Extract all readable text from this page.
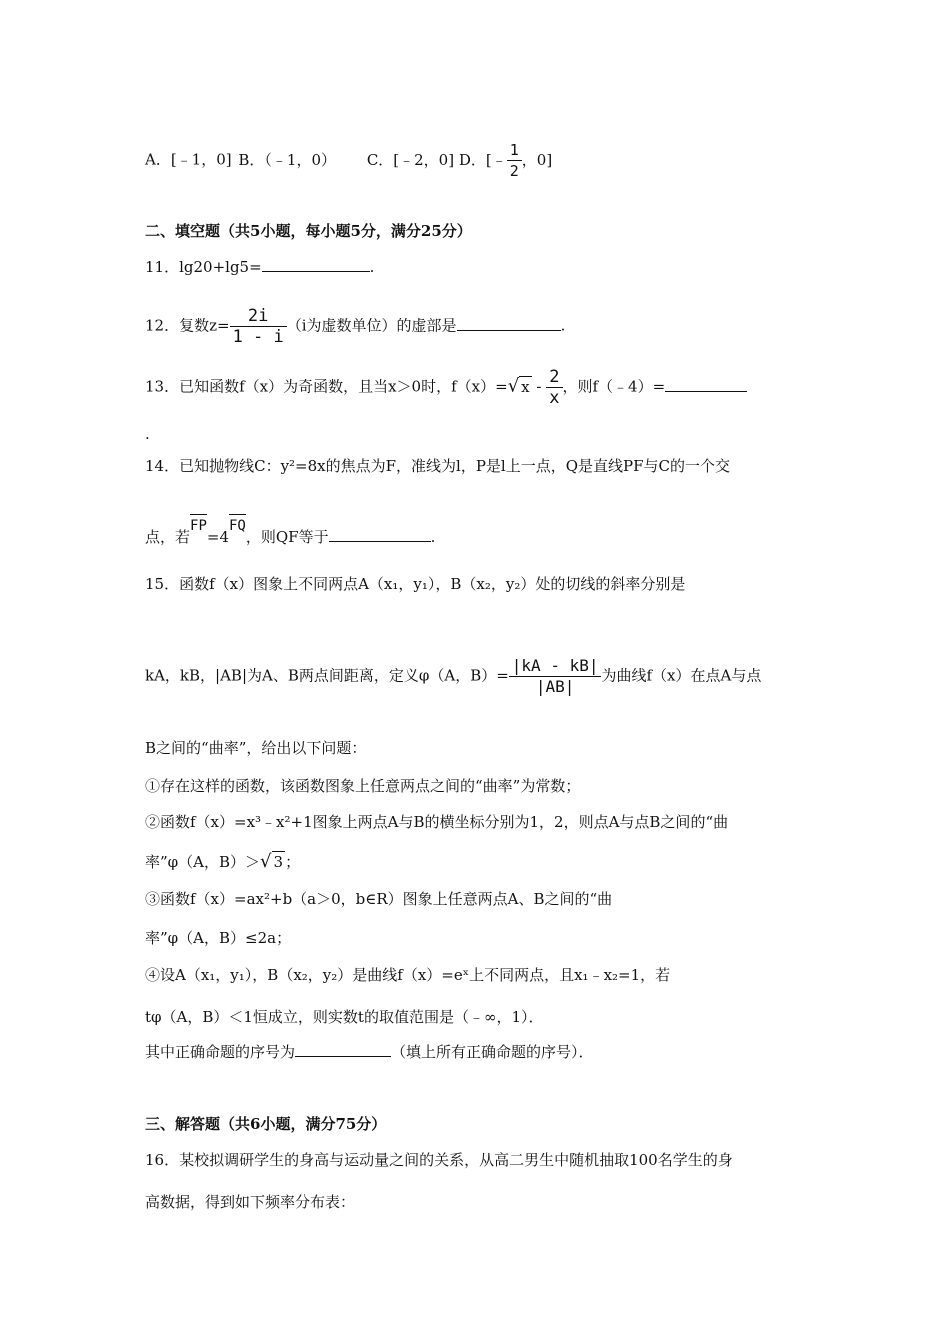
A．[﹣1，0] B．（﹣1，0） C．[﹣2，0] D．[﹣ $\frac{1}{2}$ ，0]
二、填空题（共5小题，每小题5分，满分25分）
11．lg20+lg5=	.
12．复数$z= \frac{2i}{1 - i} (i$为虚数单位）的虚部是	.
13．已知函数f（x）为奇函数，且当x＞0时，f（x）=√ x - $\frac{2}{x}$ ，则f（﹣4）=
.
14．已知抛物线C：y²=8x的焦点为F，准线为l，P是l上一点，Q是直线PF与C的一个交
点，若FP=4FQ，则QF等于	.
15．函数f（x）图象上不同两点A（x₁，y₁），B（x₂，y₂）处的切线的斜率分别是
kA，kB，|AB|为A、B两点间距离，定义φ（A，$B)= \frac{|kA - kB|}{|AB|}$ 为曲线f（x）在点A与点
B之间的“曲率”，给出以下问题：
①存在这样的函数，该函数图象上任意两点之间的“曲率”为常数；
②函数f（x）=x³﹣x²+1图象上两点A与B的横坐标分别为1，2，则点A与点B之间的“曲
率”φ（A，B）＞√ 3 ；
③函数f（x）=ax²+b（a＞0，b∈R）图象上任意两点A、B之间的“曲
率”φ（A，B）≤2a；
④设A（x₁，y₁），B（x₂，y₂）是曲线f（x）=eˣ上不同两点，且x₁﹣x₂=1，若
tφ（A，B）＜1恒成立，则实数t的取值范围是（﹣∞，1）．
其中正确命题的序号为	（填上所有正确命题的序号）．
三、解答题（共6小题，满分75分）
16．某校拟调研学生的身高与运动量之间的关系，从高二男生中随机抽取100名学生的身
高数据，得到如下频率分布表：
